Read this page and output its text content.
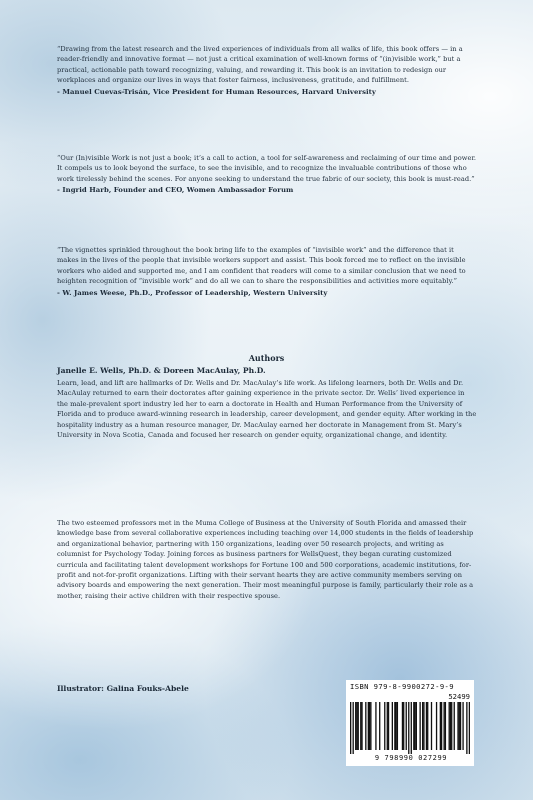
“Drawing from the latest research and the lived experiences of individuals from all walks of life, this book offers — in a reader-friendly and innovative format — not just a critical examination of well-known forms of “(in)visible work,” but a practical, actionable path toward recognizing, valuing, and rewarding it. This book is an invitation to redesign our workplaces and organize our lives in ways that foster fairness, inclusiveness, gratitude, and fulfillment.
- Manuel Cuevas-Trisán, Vice President for Human Resources, Harvard University

“Our (In)visible Work is not just a book; it’s a call to action, a tool for self-awareness and reclaiming of our time and power. It compels us to look beyond the surface, to see the invisible, and to recognize the invaluable contributions of those who work tirelessly behind the scenes. For anyone seeking to understand the true fabric of our society, this book is must-read.”
- Ingrid Harb, Founder and CEO, Women Ambassador Forum

“The vignettes sprinkled throughout the book bring life to the examples of “invisible work” and the difference that it makes in the lives of the people that invisible workers support and assist. This book forced me to reflect on the invisible workers who aided and supported me, and I am confident that readers will come to a similar conclusion that we need to heighten recognition of “invisible work” and do all we can to share the responsibilities and activities more equitably.”
- W. James Weese, Ph.D., Professor of Leadership, Western University

Authors
Janelle E. Wells, Ph.D. & Doreen MacAulay, Ph.D.

Learn, lead, and lift are hallmarks of Dr. Wells and Dr. MacAulay’s life work. As lifelong learners, both Dr. Wells and Dr. MacAulay returned to earn their doctorates after gaining experience in the private sector. Dr. Wells’ lived experience in the male-prevalent sport industry led her to earn a doctorate in Health and Human Performance from the University of Florida and to produce award-winning research in leadership, career development, and gender equity. After working in the hospitality industry as a human resource manager, Dr. MacAulay earned her doctorate in Management from St. Mary’s University in Nova Scotia, Canada and focused her research on gender equity, organizational change, and identity.

The two esteemed professors met in the Muma College of Business at the University of South Florida and amassed their knowledge base from several collaborative experiences including teaching over 14,000 students in the fields of leadership and organizational behavior, partnering with 150 organizations, leading over 50 research projects, and writing as columnist for Psychology Today. Joining forces as business partners for WellsQuest, they began curating customized curricula and facilitating talent development workshops for Fortune 100 and 500 corporations, academic institutions, for-profit and not-for-profit organizations. Lifting with their servant hearts they are active community members serving on advisory boards and empowering the next generation. Their most meaningful purpose is family, particularly their role as a mother, raising their active children with their respective spouse.

Illustrator: Galina Fouks-Abele	ISBN 979-8-9900272-9-9
52499
9 798990 027299
